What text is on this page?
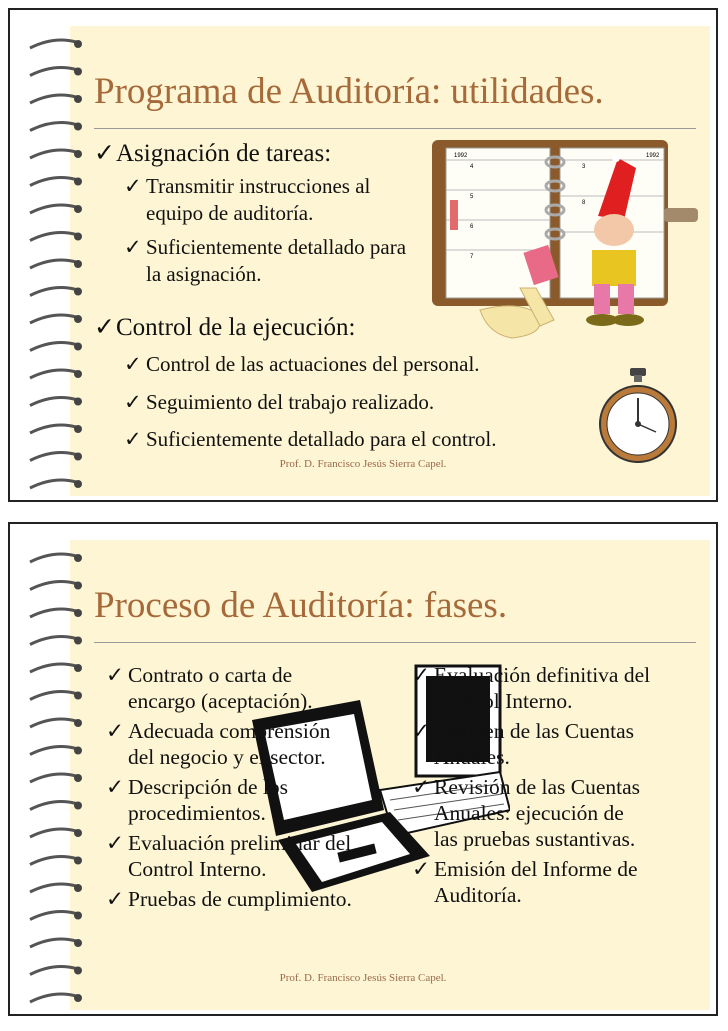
Programa de Auditoría: utilidades.
✓Asignación de tareas:
✓ Transmitir instrucciones al
equipo de auditoría.
✓ Suficientemente detallado para
la asignación.
✓Control de la ejecución:
✓ Control de las actuaciones del personal.
✓ Seguimiento del trabajo realizado.
✓ Suficientemente detallado para el control.
1992	1992
4
5
6
7
3
8
Prof. D. Francisco Jesús Sierra Capel.
Proceso de Auditoría: fases.
✓ Contrato o carta de
encargo (aceptación).
✓ Adecuada comprensión
del negocio y el sector.
✓ Descripción de los
procedimientos.
✓ Evaluación preliminar del
Control Interno.
✓ Pruebas de cumplimiento.
✓ Evaluación definitiva del
Control Interno.
✓ Examen de las Cuentas
Anuales.
✓ Revisión de las Cuentas
Anuales: ejecución de
las pruebas sustantivas.
✓ Emisión del Informe de
Auditoría.
Prof. D. Francisco Jesús Sierra Capel.
